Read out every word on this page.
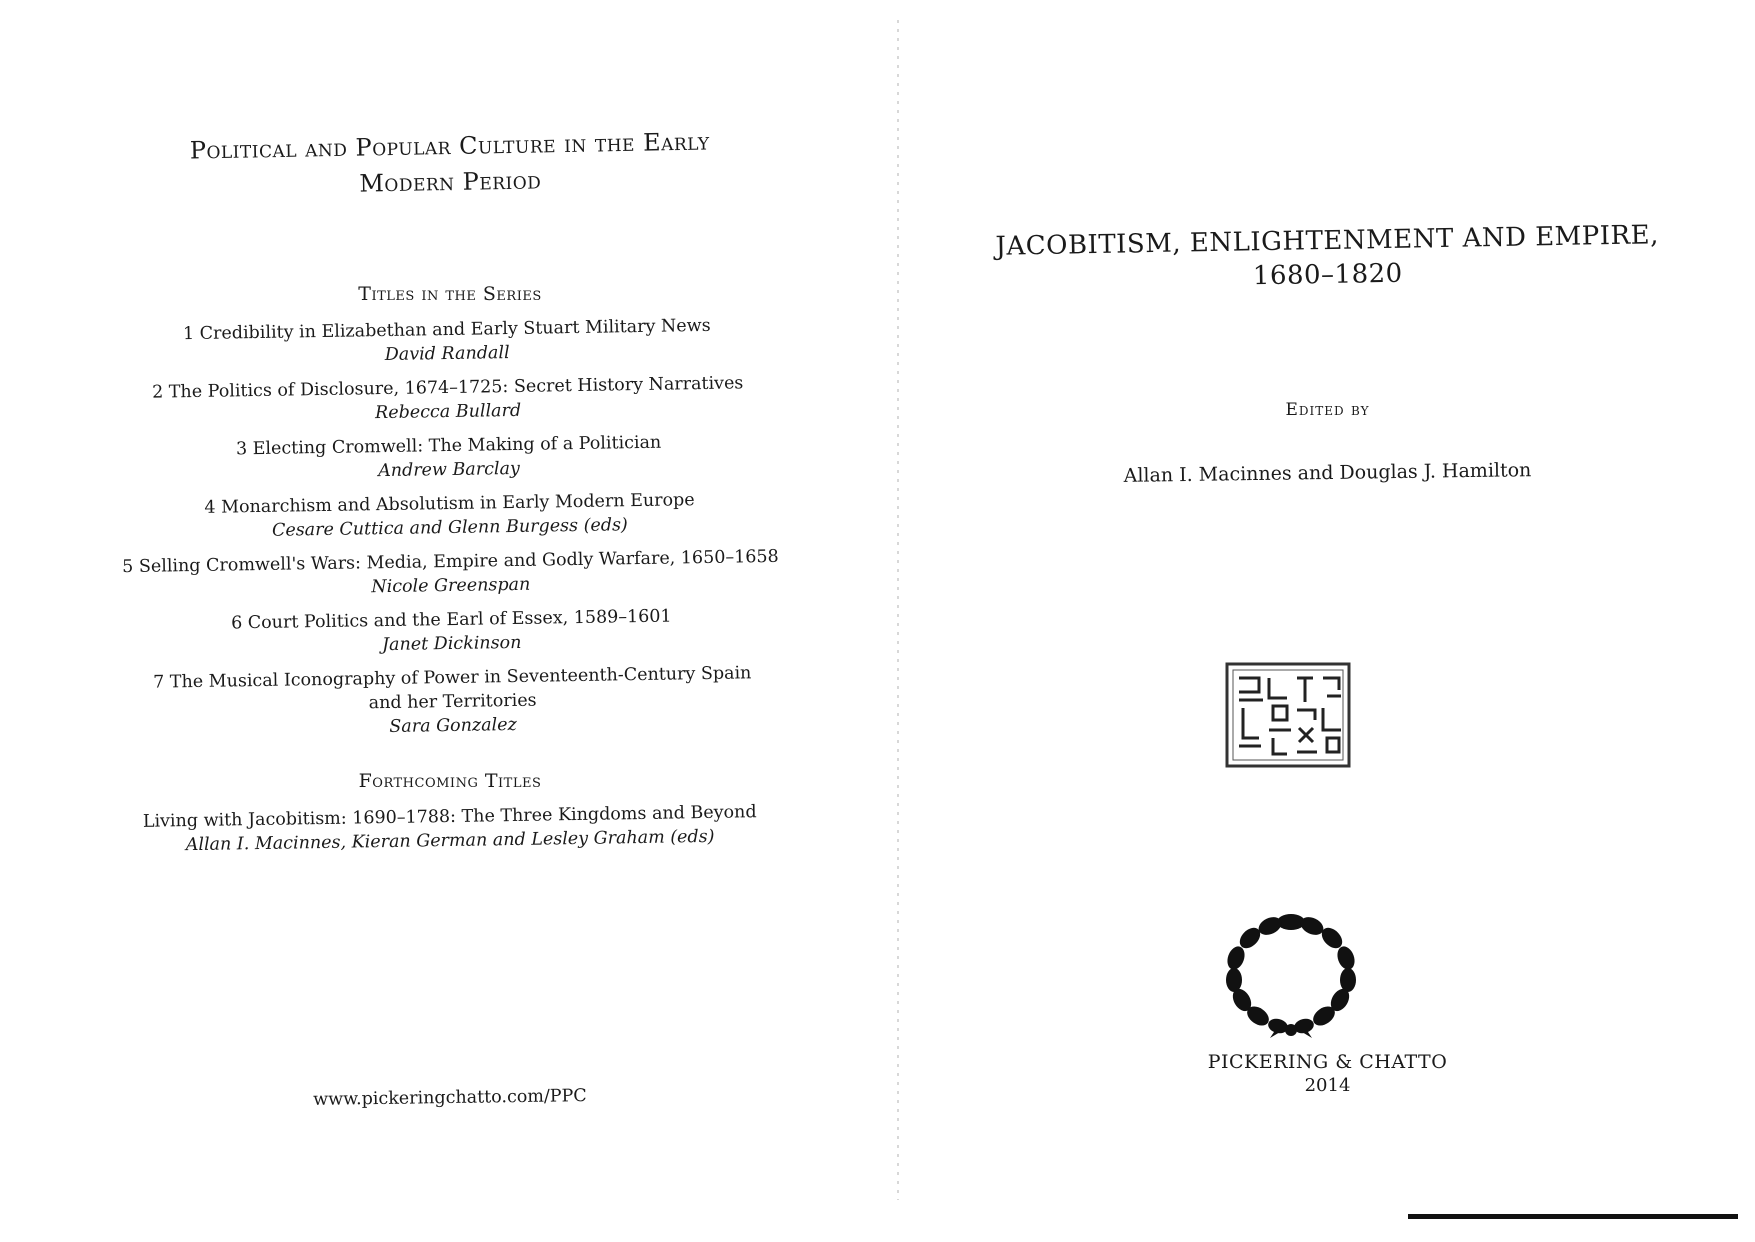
Political and Popular Culture in the Early
Modern Period
Titles in the Series
1 Credibility in Elizabethan and Early Stuart Military News
David Randall
2 The Politics of Disclosure, 1674–1725: Secret History Narratives
Rebecca Bullard
3 Electing Cromwell: The Making of a Politician
Andrew Barclay
4 Monarchism and Absolutism in Early Modern Europe
Cesare Cuttica and Glenn Burgess (eds)
5 Selling Cromwell's Wars: Media, Empire and Godly Warfare, 1650–1658
Nicole Greenspan
6 Court Politics and the Earl of Essex, 1589–1601
Janet Dickinson
7 The Musical Iconography of Power in Seventeenth-Century Spain
and her Territories
Sara Gonzalez
Forthcoming Titles
Living with Jacobitism: 1690–1788: The Three Kingdoms and Beyond
Allan I. Macinnes, Kieran German and Lesley Graham (eds)
www.pickeringchatto.com/PPC
JACOBITISM, ENLIGHTENMENT AND EMPIRE,
1680–1820
Edited by
Allan I. Macinnes and Douglas J. Hamilton
PICKERING & CHATTO
2014
